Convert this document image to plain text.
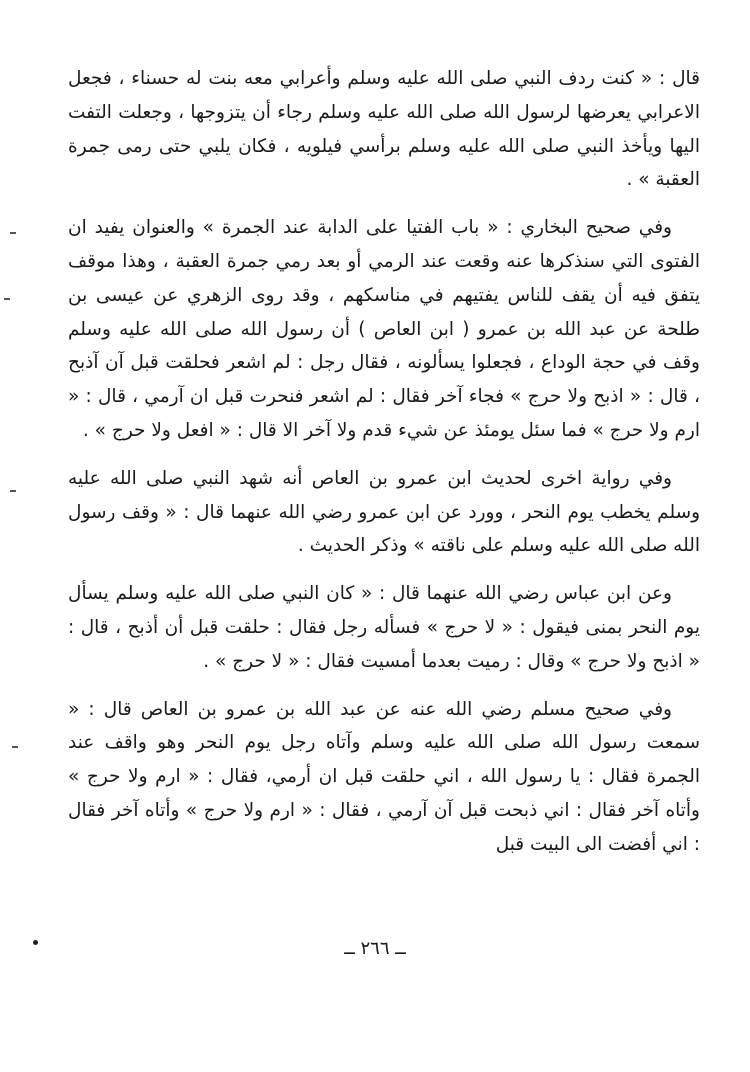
قال : « كنت ردف النبي صلى الله عليه وسلم وأعرابي معه بنت له حسناء ، فجعل الاعرابي يعرضها لرسول الله صلى الله عليه وسلم رجاء أن يتزوجها ، وجعلت التفت اليها ويأخذ النبي صلى الله عليه وسلم برأسي فيلويه ، فكان يلبي حتى رمى جمرة العقبة » .

وفي صحيح البخاري : « باب الفتيا على الدابة عند الجمرة » والعنوان يفيد ان الفتوى التي سنذكرها عنه وقعت عند الرمي أو بعد رمي جمرة العقبة ، وهذا موقف يتفق فيه أن يقف للناس يفتيهم في مناسكهم ، وقد روى الزهري عن عيسى بن طلحة عن عبد الله بن عمرو ( ابن العاص ) أن رسول الله صلى الله عليه وسلم وقف في حجة الوداع ، فجعلوا يسألونه ، فقال رجل : لم اشعر فحلقت قبل آن آذبح ، قال : « اذبح ولا حرج » فجاء آخر فقال : لم اشعر فنحرت قبل ان آرمي ، قال : « ارم ولا حرج » فما سئل يومئذ عن شيء قدم ولا آخر الا قال : « افعل ولا حرج » .

وفي رواية اخرى لحديث ابن عمرو بن العاص أنه شهد النبي صلى الله عليه وسلم يخطب يوم النحر ، وورد عن ابن عمرو رضي الله عنهما قال : « وقف رسول الله صلى الله عليه وسلم على ناقته » وذكر الحديث .

وعن ابن عباس رضي الله عنهما قال : « كان النبي صلى الله عليه وسلم يسأل يوم النحر بمنى فيقول : « لا حرج » فسأله رجل فقال : حلقت قبل أن أذبح ، قال : « اذبح ولا حرج » وقال : رميت بعدما أمسيت فقال : « لا حرج » .

وفي صحيح مسلم رضي الله عنه عن عبد الله بن عمرو بن العاص قال : « سمعت رسول الله صلى الله عليه وسلم وآتاه رجل يوم النحر وهو واقف عند الجمرة فقال : يا رسول الله ، اني حلقت قبل ان أرمي، فقال : « ارم ولا حرج » وأتاه آخر فقال : اني ذبحت قبل آن آرمي ، فقال : « ارم ولا حرج » وأتاه آخر فقال : اني أفضت الى البيت قبل

ــ ٢٦٦ ــ
